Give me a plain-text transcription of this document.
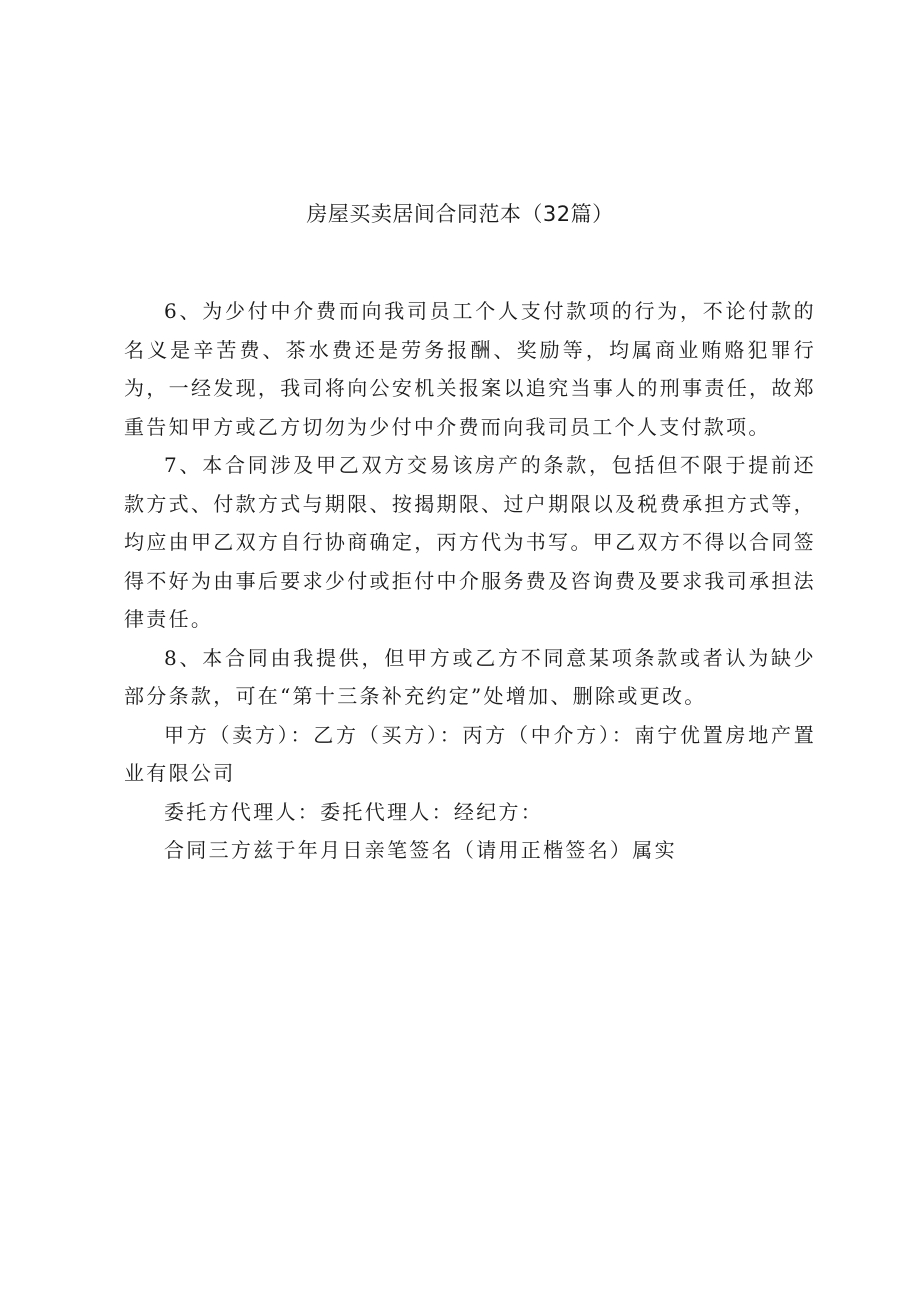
房屋买卖居间合同范本（32篇）

6、为少付中介费而向我司员工个人支付款项的行为，不论付款的名义是辛苦费、茶水费还是劳务报酬、奖励等，均属商业贿赂犯罪行为，一经发现，我司将向公安机关报案以追究当事人的刑事责任，故郑重告知甲方或乙方切勿为少付中介费而向我司员工个人支付款项。

7、本合同涉及甲乙双方交易该房产的条款，包括但不限于提前还款方式、付款方式与期限、按揭期限、过户期限以及税费承担方式等，均应由甲乙双方自行协商确定，丙方代为书写。甲乙双方不得以合同签得不好为由事后要求少付或拒付中介服务费及咨询费及要求我司承担法律责任。

8、本合同由我提供，但甲方或乙方不同意某项条款或者认为缺少部分条款，可在“第十三条补充约定”处增加、删除或更改。

甲方（卖方）：乙方（买方）：丙方（中介方）：南宁优置房地产置业有限公司

委托方代理人：委托代理人：经纪方：

合同三方兹于年月日亲笔签名（请用正楷签名）属实
